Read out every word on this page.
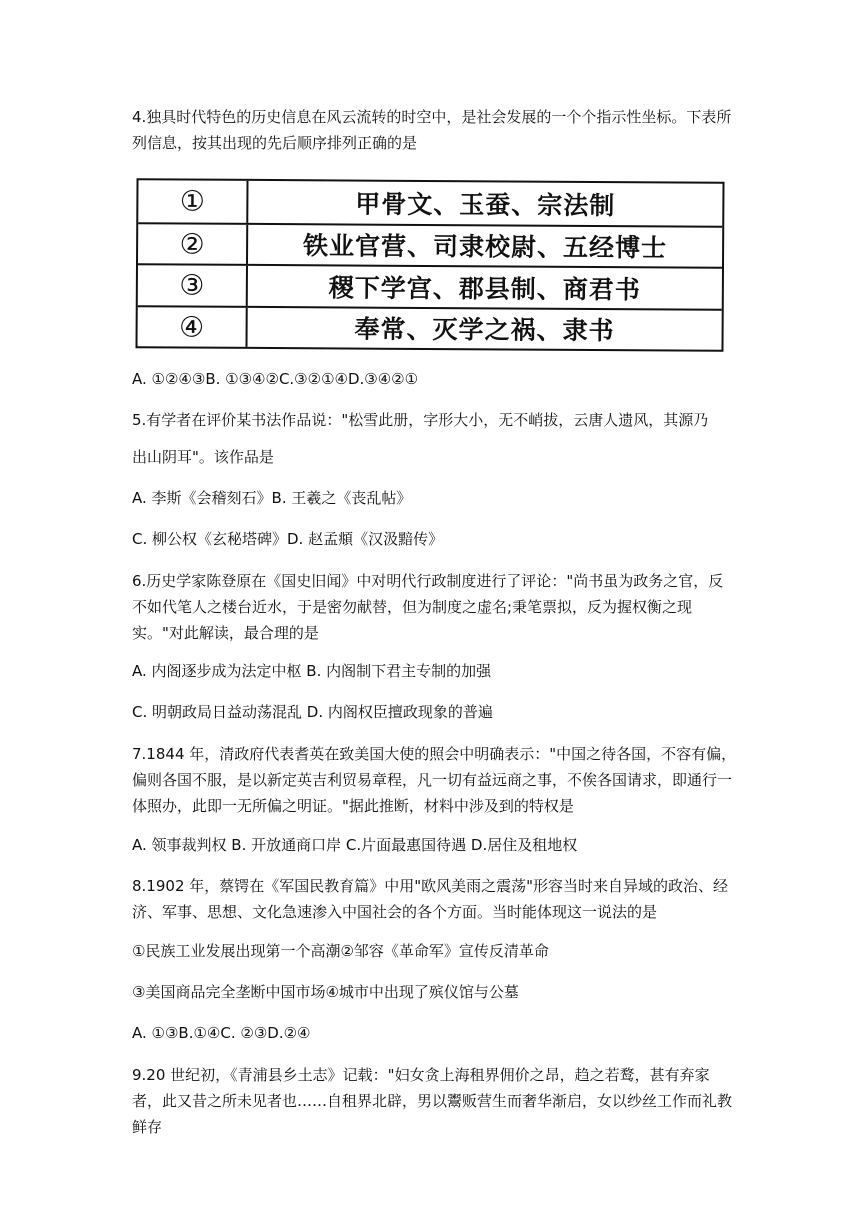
4.独具时代特色的历史信息在风云流转的时空中，是社会发展的一个个指示性坐标。下表所列信息，按其出现的先后顺序排列正确的是

①	甲骨文、玉蚕、宗法制
②	铁业官营、司隶校尉、五经博士
③	稷下学宫、郡县制、商君书
④	奉常、灭学之祸、隶书
A. ①②④③B. ①③④②C.③②①④D.③④②①
5.有学者在评价某书法作品说："松雪此册，字形大小，无不峭拔，云唐人遗风，其源乃
出山阴耳"。该作品是
A. 李斯《会稽刻石》B. 王羲之《丧乱帖》
C. 柳公权《玄秘塔碑》D. 赵孟頫《汉汲黯传》

6.历史学家陈登原在《国史旧闻》中对明代行政制度进行了评论："尚书虽为政务之官，反不如代笔人之楼台近水，于是密勿献替，但为制度之虚名;秉笔票拟，反为握权衡之现实。"对此解读，最合理的是

A. 内阁逐步成为法定中枢 B. 内阁制下君主专制的加强
C. 明朝政局日益动荡混乱 D. 内阁权臣擅政现象的普遍

7.1844 年，清政府代表耆英在致美国大使的照会中明确表示："中国之待各国，不容有偏，偏则各国不服，是以新定英吉利贸易章程，凡一切有益远商之事，不俟各国请求，即通行一体照办，此即一无所偏之明证。"据此推断，材料中涉及到的特权是

A. 领事裁判权 B. 开放通商口岸 C.片面最惠国待遇 D.居住及租地权

8.1902 年，蔡锷在《军国民教育篇》中用"欧风美雨之震荡"形容当时来自异域的政治、经济、军事、思想、文化急速渗入中国社会的各个方面。当时能体现这一说法的是

①民族工业发展出现第一个高潮②邹容《革命军》宣传反清革命
③美国商品完全垄断中国市场④城市中出现了殡仪馆与公墓
A. ①③B.①④C. ②③D.②④

9.20 世纪初，《青浦县乡土志》记载："妇女贪上海租界佣价之昂，趋之若鹜，甚有弃家者，此又昔之所未见者也……自租界北辟，男以鬻贩营生而奢华渐启，女以纱丝工作而礼教鲜存
